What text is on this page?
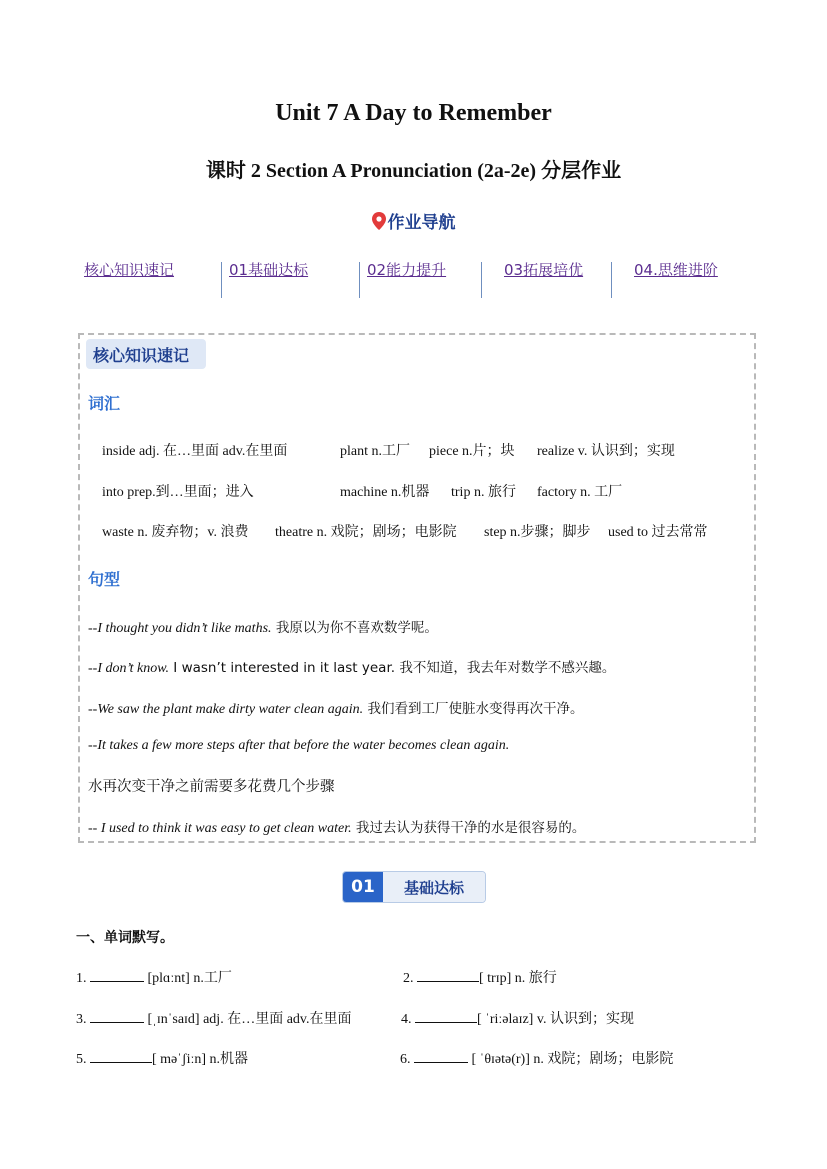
Unit 7 A Day to Remember
课时 2 Section A Pronunciation (2a-2e) 分层作业
作业导航
核心知识速记	01基础达标	02能力提升	03拓展培优	04.思维进阶
核心知识速记
词汇
inside adj. 在…里面 adv.在里面	plant n.工厂 piece n.片；块 realize v. 认识到；实现
into prep.到…里面；进入	machine n.机器 trip n. 旅行 factory n. 工厂
waste n. 废弃物；v. 浪费 theatre n. 戏院；剧场；电影院 step n.步骤；脚步 used to 过去常常
句型
--I thought you didn’t like maths. 我原以为你不喜欢数学呢。
--I don’t know. I wasn’t interested in it last year. 我不知道，我去年对数学不感兴趣。
--We saw the plant make dirty water clean again. 我们看到工厂使脏水变得再次干净。
--It takes a few more steps after that before the water becomes clean again.
水再次变干净之前需要多花费几个步骤
-- I used to think it was easy to get clean water. 我过去认为获得干净的水是很容易的。
01	基础达标
一、单词默写。
1.	[plɑːnt] n.工厂	2.	[ trɪp] n. 旅行
3.	[ˌɪnˈsaɪd] adj. 在…里面 adv.在里面	4.	[ ˈriːəlaɪz] v. 认识到；实现
5.	[ məˈʃiːn] n.机器	6.	[ ˈθɪətə(r)] n. 戏院；剧场；电影院
